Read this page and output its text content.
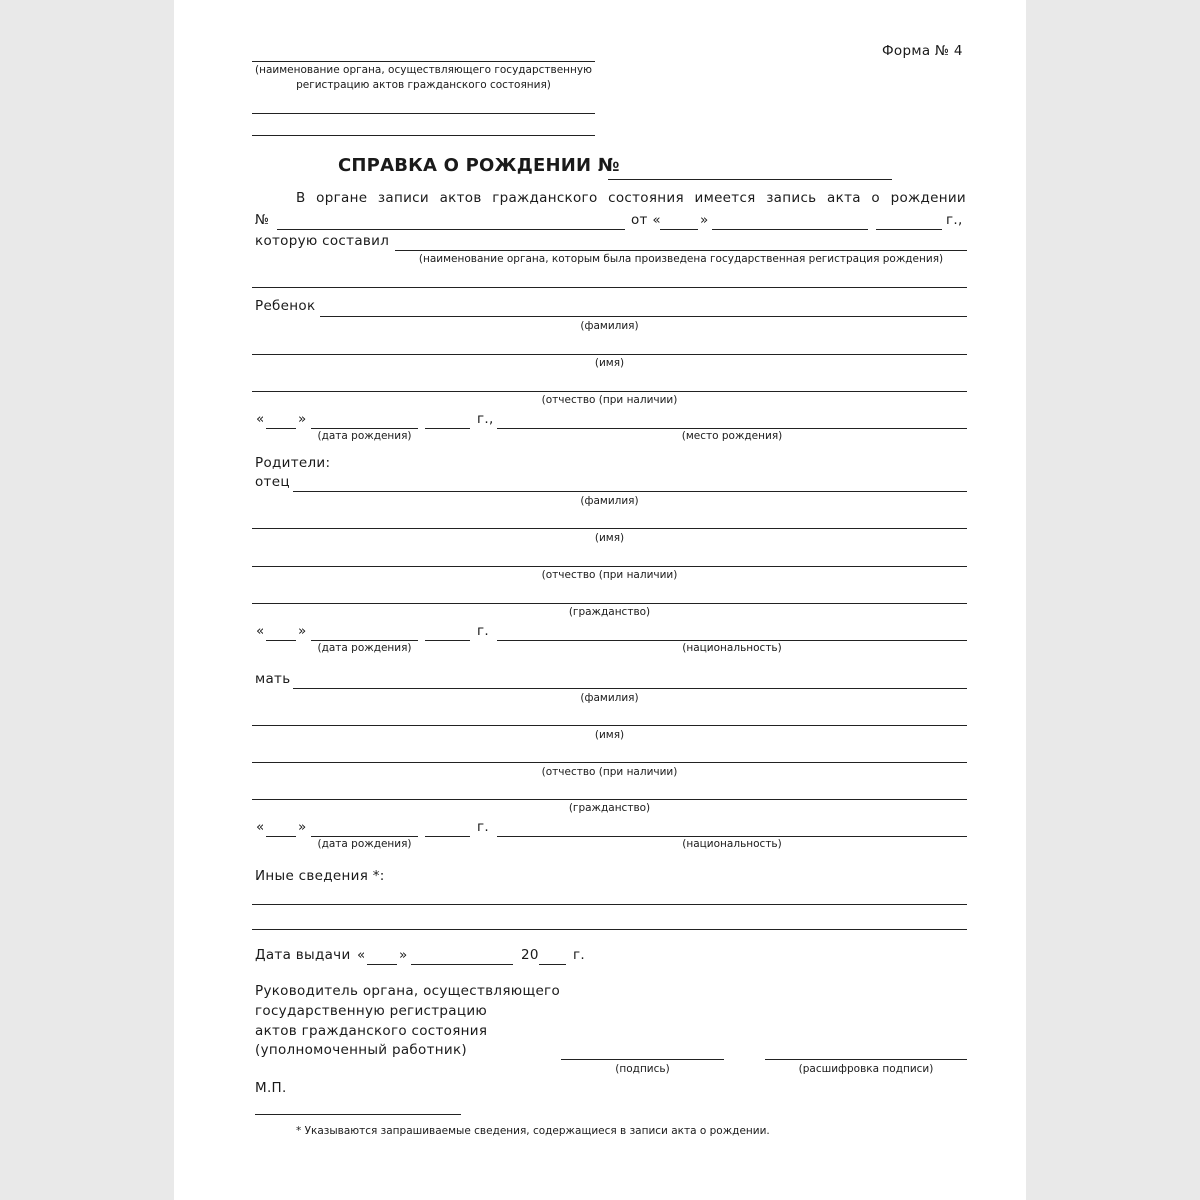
Форма № 4
(наименование органа, осуществляющего государственную
регистрацию актов гражданского состояния)
СПРАВКА О РОЖДЕНИИ №
В органе записи актов гражданского состояния имеется запись акта о рождении
№	от «	»	г.,
которую составил
(наименование органа, которым была произведена государственная регистрация рождения)
Ребенок
(фамилия)
(имя)
(отчество (при наличии)
« »	г.,
(дата рождения)	(место рождения)
Родители:
отец
(фамилия)
(имя)
(отчество (при наличии)
(гражданство)
« »	г.
(дата рождения)	(национальность)
мать
(фамилия)
(имя)
(отчество (при наличии)
(гражданство)
« »	г.
(дата рождения)	(национальность)
Иные сведения *:
Дата выдачи « »	20	г.
Руководитель органа, осуществляющего
государственную регистрацию
актов гражданского состояния
(уполномоченный работник)
(подпись)	(расшифровка подписи)
М.П.
* Указываются запрашиваемые сведения, содержащиеся в записи акта о рождении.
